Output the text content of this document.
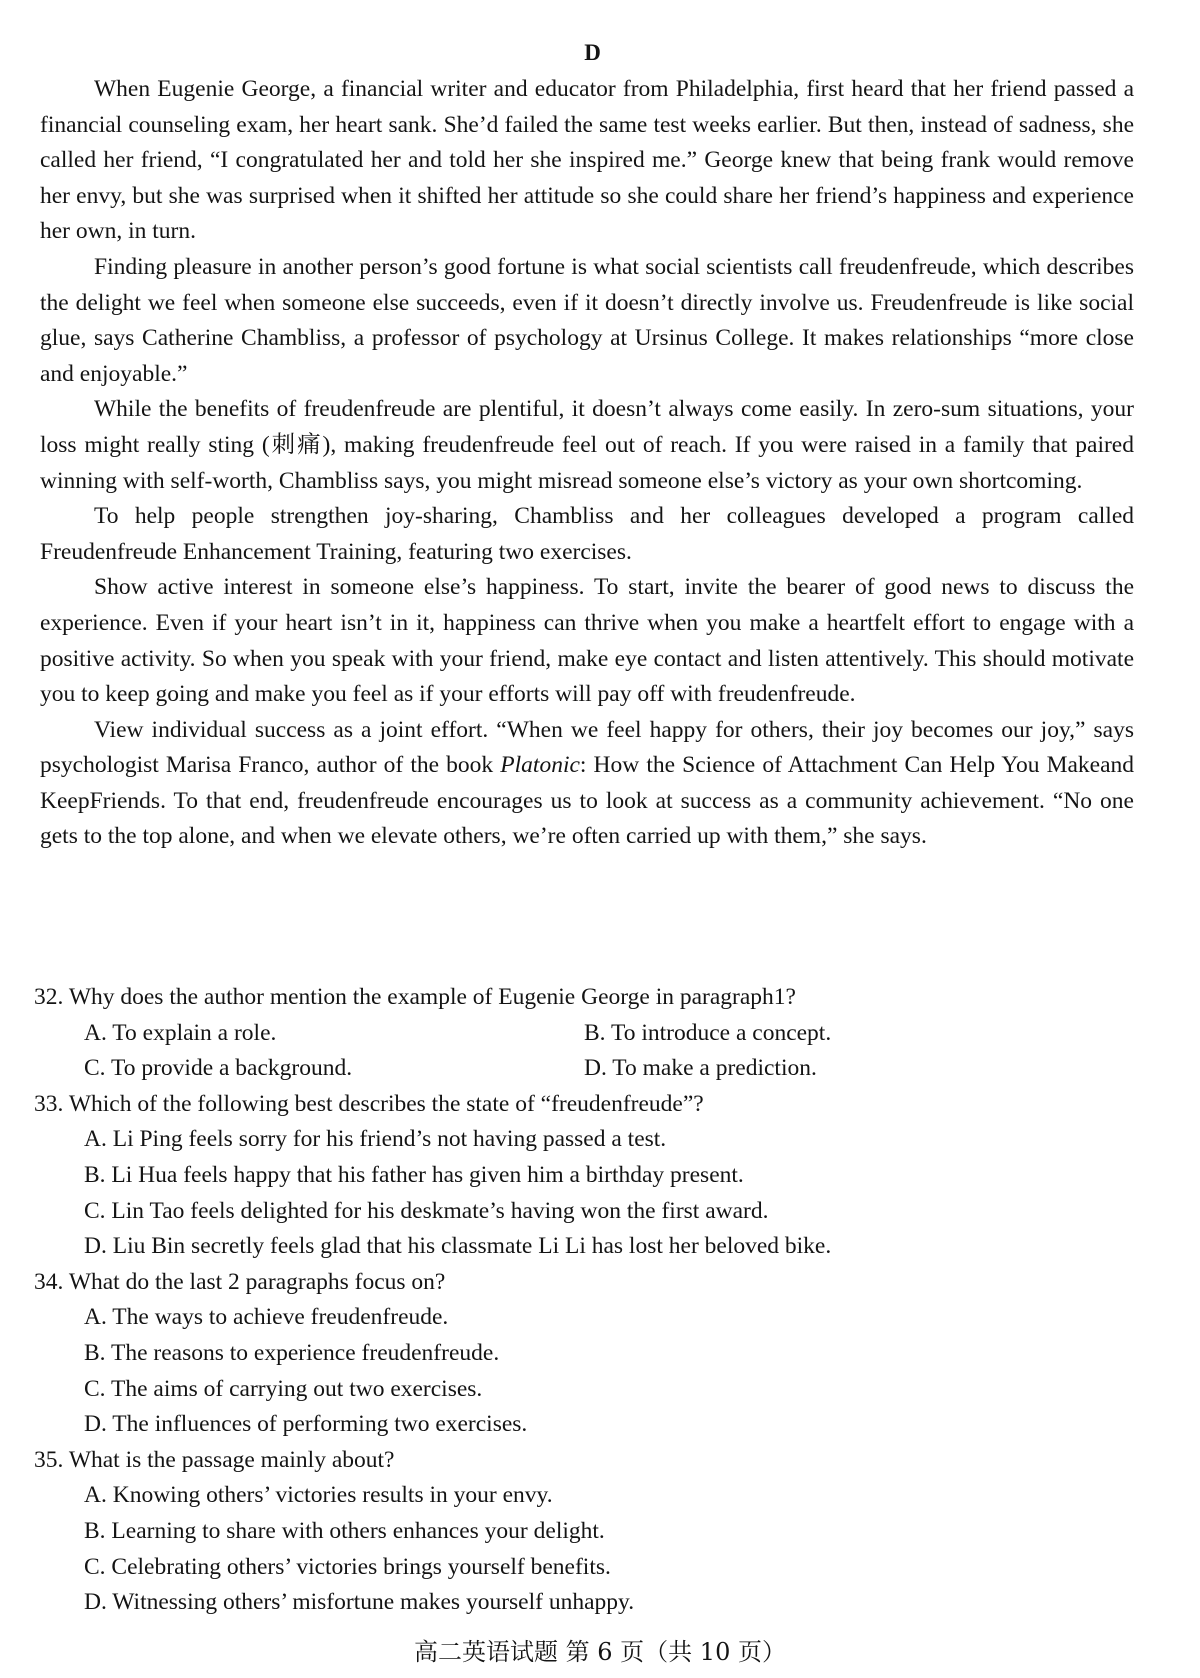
D

When Eugenie George, a financial writer and educator from Philadelphia, first heard that her friend passed a financial counseling exam, her heart sank. She’d failed the same test weeks earlier. But then, instead of sadness, she called her friend, “I congratulated her and told her she inspired me.” George knew that being frank would remove her envy, but she was surprised when it shifted her attitude so she could share her friend’s happiness and experience her own, in turn.

Finding pleasure in another person’s good fortune is what social scientists call freudenfreude, which describes the delight we feel when someone else succeeds, even if it doesn’t directly involve us. Freudenfreude is like social glue, says Catherine Chambliss, a professor of psychology at Ursinus College. It makes relationships “more close and enjoyable.”

While the benefits of freudenfreude are plentiful, it doesn’t always come easily. In zero-sum situations, your loss might really sting (刺痛), making freudenfreude feel out of reach. If you were raised in a family that paired winning with self-worth, Chambliss says, you might misread someone else’s victory as your own shortcoming.

To help people strengthen joy-sharing, Chambliss and her colleagues developed a program called Freudenfreude Enhancement Training, featuring two exercises.

Show active interest in someone else’s happiness. To start, invite the bearer of good news to discuss the experience. Even if your heart isn’t in it, happiness can thrive when you make a heartfelt effort to engage with a positive activity. So when you speak with your friend, make eye contact and listen attentively. This should motivate you to keep going and make you feel as if your efforts will pay off with freudenfreude.

View individual success as a joint effort. “When we feel happy for others, their joy becomes our joy,” says psychologist Marisa Franco, author of the book Platonic: How the Science of Attachment Can Help You Makeand KeepFriends. To that end, freudenfreude encourages us to look at success as a community achievement. “No one gets to the top alone, and when we elevate others, we’re often carried up with them,” she says.

32. Why does the author mention the example of Eugenie George in paragraph1?

A. To explain a role.	B. To introduce a concept.

C. To provide a background.	D. To make a prediction.

33. Which of the following best describes the state of “freudenfreude”?

A. Li Ping feels sorry for his friend’s not having passed a test.

B. Li Hua feels happy that his father has given him a birthday present.

C. Lin Tao feels delighted for his deskmate’s having won the first award.

D. Liu Bin secretly feels glad that his classmate Li Li has lost her beloved bike.

34. What do the last 2 paragraphs focus on?

A. The ways to achieve freudenfreude.

B. The reasons to experience freudenfreude.

C. The aims of carrying out two exercises.

D. The influences of performing two exercises.

35. What is the passage mainly about?

A. Knowing others’ victories results in your envy.

B. Learning to share with others enhances your delight.

C. Celebrating others’ victories brings yourself benefits.

D. Witnessing others’ misfortune makes yourself unhappy.

高二英语试题 第 6 页（共 10 页）
